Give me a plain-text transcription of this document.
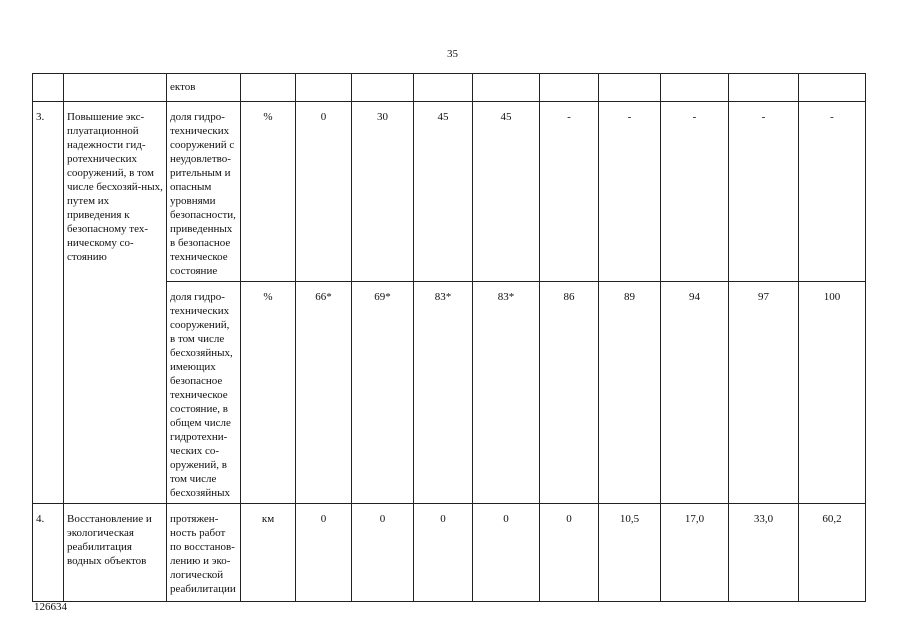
35
		ектов										
3.	Повышение экс-плуатационной надежности гид-ротехнических сооружений, в том числе бесхозяй-ных, путем их приведения к безопасному тех-ническому со-стоянию	доля гидро-технических сооружений с неудовлетво-рительным и опасным уровнями безопасности, приведенных в безопасное техническое состояние	%	0	30	45	45	-	-	-	-	-
		доля гидро-технических сооружений, в том числе бесхозяйных, имеющих безопасное техническое состояние, в общем числе гидротехни-ческих со-оружений, в том числе бесхозяйных	%	66*	69*	83*	83*	86	89	94	97	100
4.	Восстановление и экологическая реабилитация водных объектов	протяжен-ность работ по восстанов-лению и эко-логической реабилитации	км	0	0	0	0	0	10,5	17,0	33,0	60,2
126634
